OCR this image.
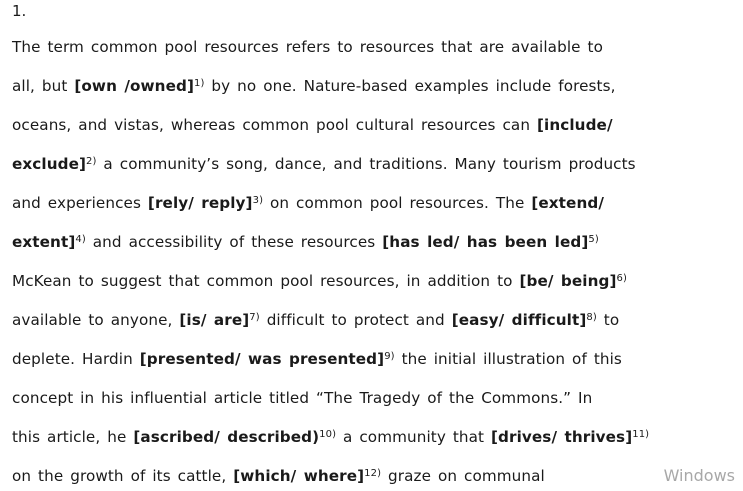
1.
The term common pool resources refers to resources that are available to
all, but [own /owned]$^{1)}$ by no one. Nature-based examples include forests,
oceans, and vistas, whereas common pool cultural resources can [include/
exclude]$^{2)}$ a community’s song, dance, and traditions. Many tourism products
and experiences [rely/ reply]$^{3)}$ on common pool resources. The [extend/
extent]$^{4)}$ and accessibility of these resources [has led/ has been led]$^{5)}$
McKean to suggest that common pool resources, in addition to [be/ being]$^{6)}$
available to anyone, [is/ are]$^{7)}$ difficult to protect and [easy/ difficult]$^{8)}$ to
deplete. Hardin [presented/ was presented]$^{9)}$ the initial illustration of this
concept in his influential article titled “The Tragedy of the Commons.” In
this article, he [ascribed/ described)$^{10)}$ a community that [drives/ thrives]$^{11)}$
on the growth of its cattle, [which/ where]$^{12)}$ graze on communal	Windows
